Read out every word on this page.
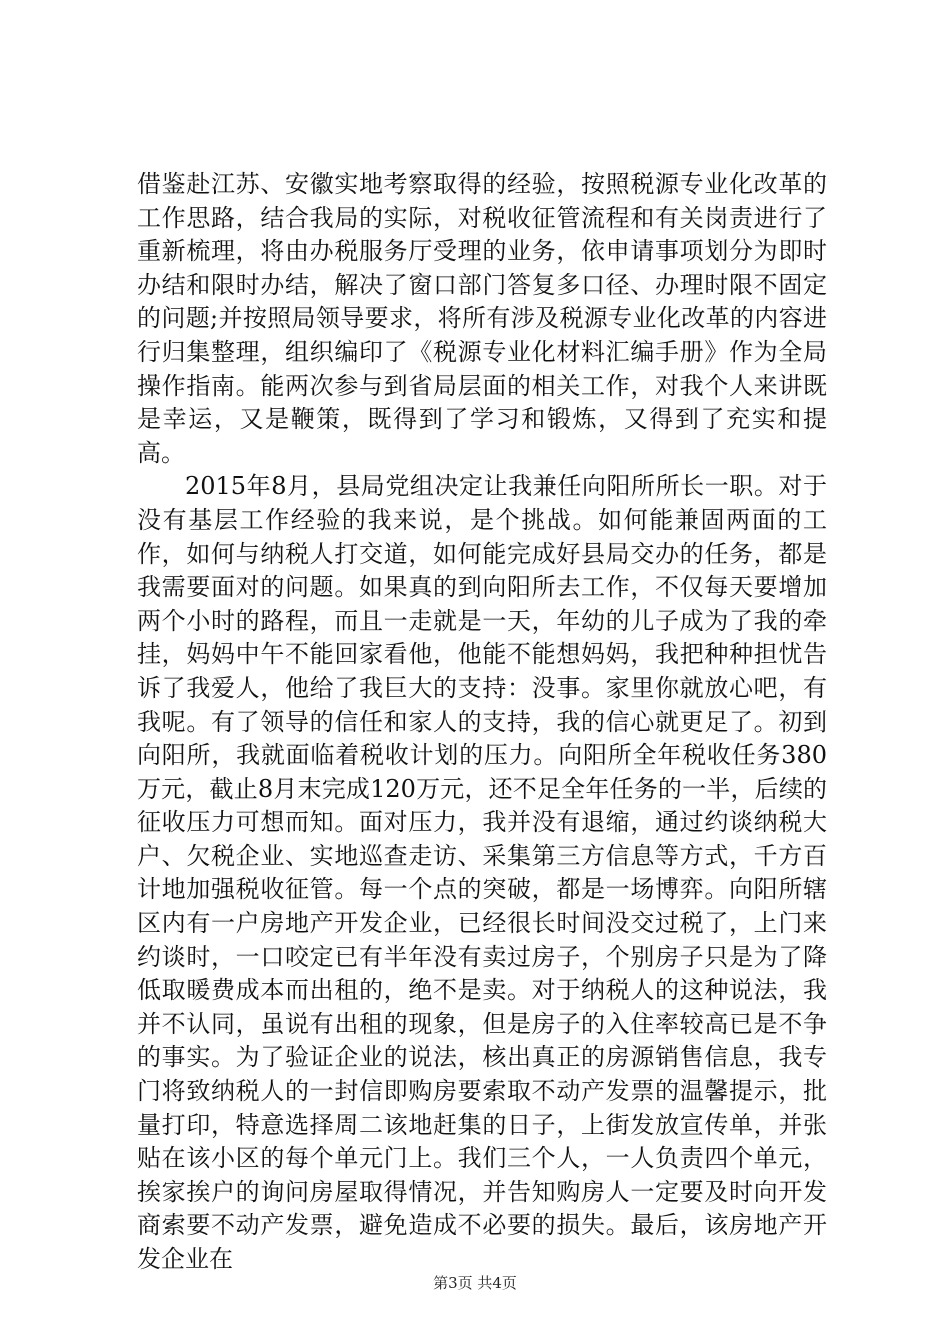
借鉴赴江苏、安徽实地考察取得的经验，按照税源专业化改革的工作思路，结合我局的实际，对税收征管流程和有关岗责进行了重新梳理，将由办税服务厅受理的业务，依申请事项划分为即时办结和限时办结，解决了窗口部门答复多口径、办理时限不固定的问题;并按照局领导要求，将所有涉及税源专业化改革的内容进行归集整理，组织编印了《税源专业化材料汇编手册》作为全局操作指南。能两次参与到省局层面的相关工作，对我个人来讲既是幸运，又是鞭策，既得到了学习和锻炼，又得到了充实和提高。

2015年8月，县局党组决定让我兼任向阳所所长一职。对于没有基层工作经验的我来说，是个挑战。如何能兼固两面的工作，如何与纳税人打交道，如何能完成好县局交办的任务，都是我需要面对的问题。如果真的到向阳所去工作，不仅每天要增加两个小时的路程，而且一走就是一天，年幼的儿子成为了我的牵挂，妈妈中午不能回家看他，他能不能想妈妈，我把种种担忧告诉了我爱人，他给了我巨大的支持：没事。家里你就放心吧，有我呢。有了领导的信任和家人的支持，我的信心就更足了。初到向阳所，我就面临着税收计划的压力。向阳所全年税收任务380万元，截止8月末完成120万元，还不足全年任务的一半，后续的征收压力可想而知。面对压力，我并没有退缩，通过约谈纳税大户、欠税企业、实地巡查走访、采集第三方信息等方式，千方百计地加强税收征管。每一个点的突破，都是一场博弈。向阳所辖区内有一户房地产开发企业，已经很长时间没交过税了，上门来约谈时，一口咬定已有半年没有卖过房子，个别房子只是为了降低取暖费成本而出租的，绝不是卖。对于纳税人的这种说法，我并不认同，虽说有出租的现象，但是房子的入住率较高已是不争的事实。为了验证企业的说法，核出真正的房源销售信息，我专门将致纳税人的一封信即购房要索取不动产发票的温馨提示，批量打印，特意选择周二该地赶集的日子，上街发放宣传单，并张贴在该小区的每个单元门上。我们三个人，一人负责四个单元，挨家挨户的询问房屋取得情况，并告知购房人一定要及时向开发商索要不动产发票，避免造成不必要的损失。最后，该房地产开发企业在

第3页 共4页
